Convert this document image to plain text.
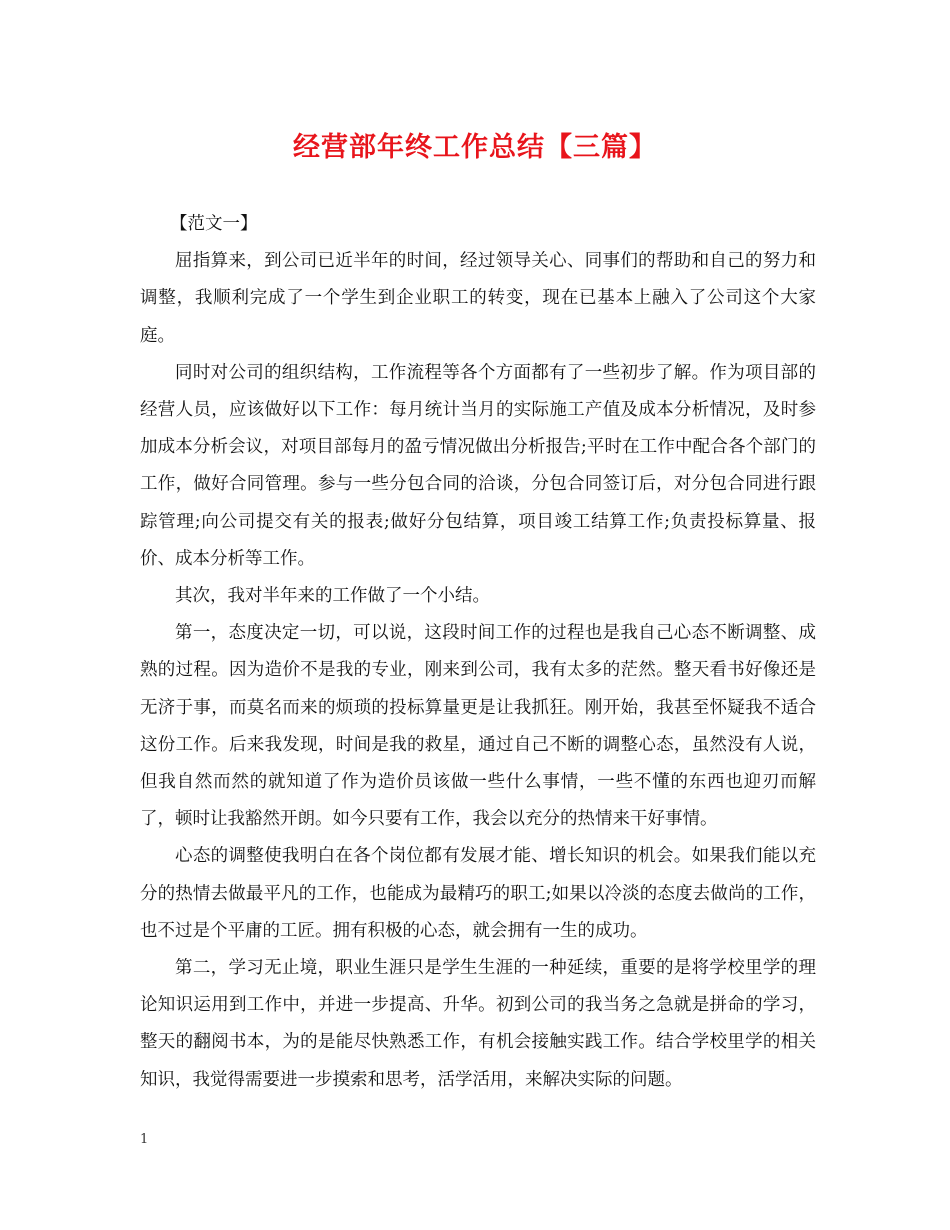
经营部年终工作总结【三篇】

【范文一】

屈指算来，到公司已近半年的时间，经过领导关心、同事们的帮助和自己的努力和调整，我顺利完成了一个学生到企业职工的转变，现在已基本上融入了公司这个大家庭。

同时对公司的组织结构，工作流程等各个方面都有了一些初步了解。作为项目部的经营人员，应该做好以下工作：每月统计当月的实际施工产值及成本分析情况，及时参加成本分析会议，对项目部每月的盈亏情况做出分析报告;平时在工作中配合各个部门的工作，做好合同管理。参与一些分包合同的洽谈，分包合同签订后，对分包合同进行跟踪管理;向公司提交有关的报表;做好分包结算，项目竣工结算工作;负责投标算量、报价、成本分析等工作。

其次，我对半年来的工作做了一个小结。

第一，态度决定一切，可以说，这段时间工作的过程也是我自己心态不断调整、成熟的过程。因为造价不是我的专业，刚来到公司，我有太多的茫然。整天看书好像还是无济于事，而莫名而来的烦琐的投标算量更是让我抓狂。刚开始，我甚至怀疑我不适合这份工作。后来我发现，时间是我的救星，通过自己不断的调整心态，虽然没有人说，但我自然而然的就知道了作为造价员该做一些什么事情，一些不懂的东西也迎刃而解了，顿时让我豁然开朗。如今只要有工作，我会以充分的热情来干好事情。

心态的调整使我明白在各个岗位都有发展才能、增长知识的机会。如果我们能以充分的热情去做最平凡的工作，也能成为最精巧的职工;如果以冷淡的态度去做尚的工作，也不过是个平庸的工匠。拥有积极的心态，就会拥有一生的成功。

第二，学习无止境，职业生涯只是学生生涯的一种延续，重要的是将学校里学的理论知识运用到工作中，并进一步提高、升华。初到公司的我当务之急就是拼命的学习，整天的翻阅书本，为的是能尽快熟悉工作，有机会接触实践工作。结合学校里学的相关知识，我觉得需要进一步摸索和思考，活学活用，来解决实际的问题。

1
